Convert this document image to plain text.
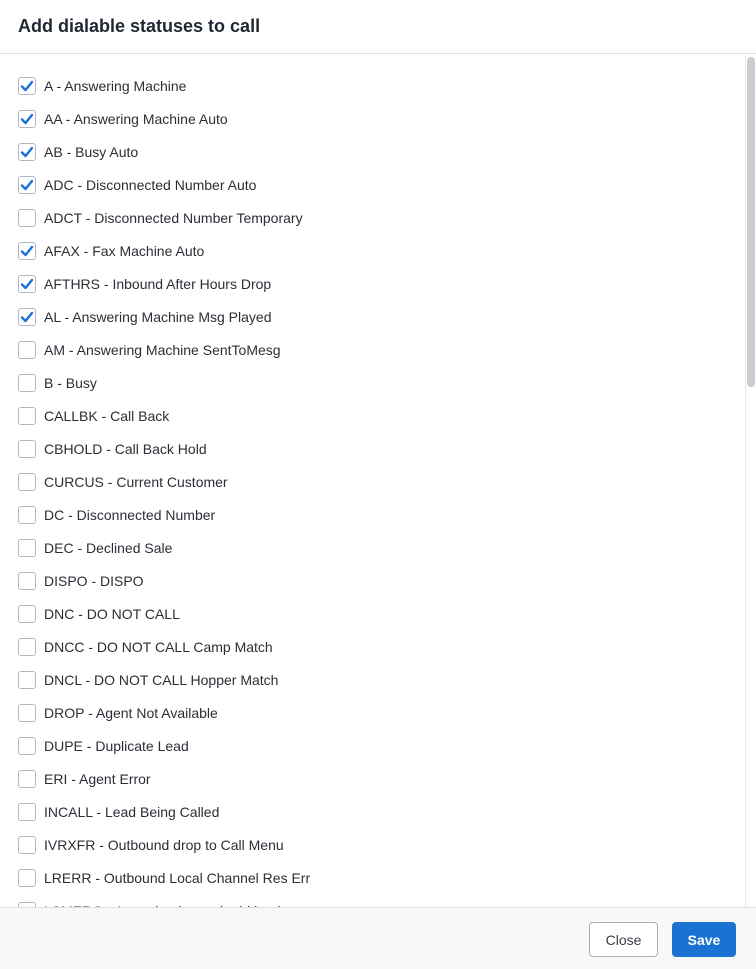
Add dialable statuses to call
A - Answering Machine
AA - Answering Machine Auto
AB - Busy Auto
ADC - Disconnected Number Auto
ADCT - Disconnected Number Temporary
AFAX - Fax Machine Auto
AFTHRS - Inbound After Hours Drop
AL - Answering Machine Msg Played
AM - Answering Machine SentToMesg
B - Busy
CALLBK - Call Back
CBHOLD - Call Back Hold
CURCUS - Current Customer
DC - Disconnected Number
DEC - Declined Sale
DISPO - DISPO
DNC - DO NOT CALL
DNCC - DO NOT CALL Camp Match
DNCL - DO NOT CALL Hopper Match
DROP - Agent Not Available
DUPE - Duplicate Lead
ERI - Agent Error
INCALL - Lead Being Called
IVRXFR - Outbound drop to Call Menu
LRERR - Outbound Local Channel Res Err
Close	Save
